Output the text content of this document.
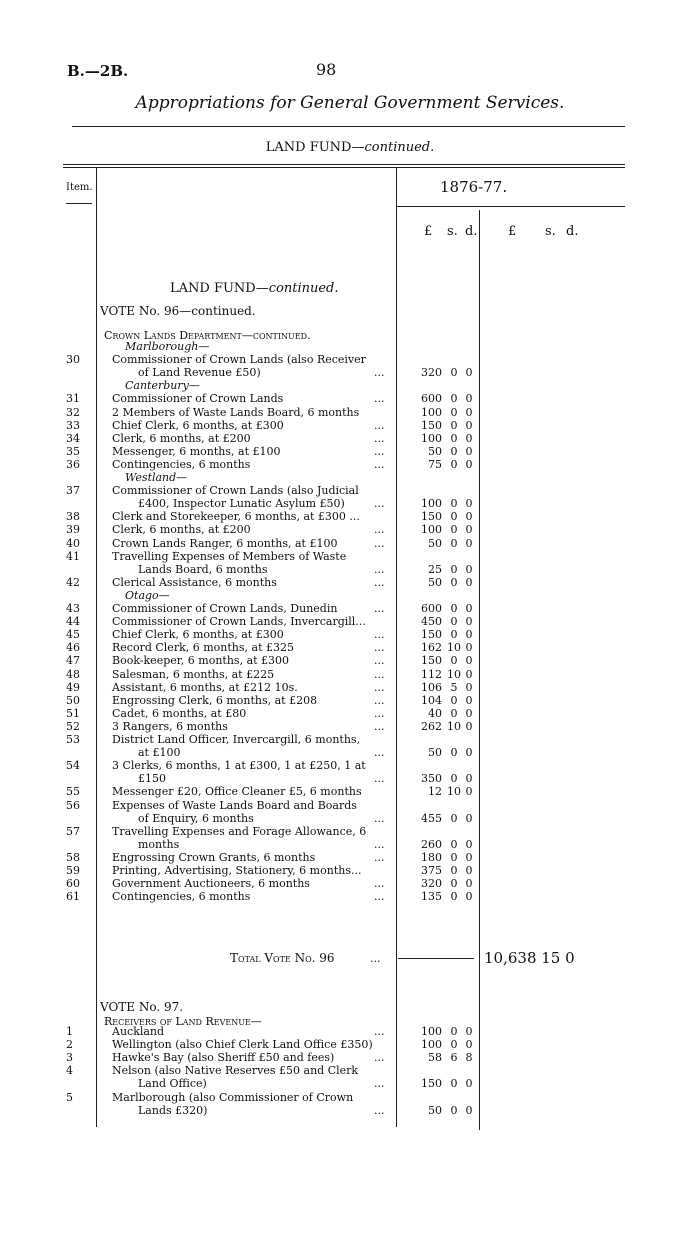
B.—2B.	98
Appropriations for General Government Services.
LAND FUND—continued.
Item.	1876-77.
£ s. d. £ s. d.
LAND FUND—continued.
VOTE No. 96—continued.
Crown Lands Department—continued.
Marlborough—
30	Commissioner of Crown Lands (also Receiver
of Land Revenue £50)	...	320 0 0
Canterbury—
31	Commissioner of Crown Lands	...	600 0 0
32	2 Members of Waste Lands Board, 6 months	100 0 0
33	Chief Clerk, 6 months, at £300	...	150 0 0
34	Clerk, 6 months, at £200	...	100 0 0
35	Messenger, 6 months, at £100	...	50 0 0
36	Contingencies, 6 months	...	75 0 0
Westland—
37	Commissioner of Crown Lands (also Judicial
£400, Inspector Lunatic Asylum £50)	...	100 0 0
38	Clerk and Storekeeper, 6 months, at £300 ...	150 0 0
39	Clerk, 6 months, at £200	...	100 0 0
40	Crown Lands Ranger, 6 months, at £100	...	50 0 0
41	Travelling Expenses of Members of Waste
Lands Board, 6 months	...	25 0 0
42	Clerical Assistance, 6 months	...	50 0 0
Otago—
43	Commissioner of Crown Lands, Dunedin	...	600 0 0
44	Commissioner of Crown Lands, Invercargill...	450 0 0
45	Chief Clerk, 6 months, at £300	...	150 0 0
46	Record Clerk, 6 months, at £325	...	162 10 0
47	Book-keeper, 6 months, at £300	...	150 0 0
48	Salesman, 6 months, at £225	...	112 10 0
49	Assistant, 6 months, at £212 10s.	...	106 5 0
50	Engrossing Clerk, 6 months, at £208	...	104 0 0
51	Cadet, 6 months, at £80	...	40 0 0
52	3 Rangers, 6 months	...	262 10 0
53	District Land Officer, Invercargill, 6 months,
at £100	...	50 0 0
54	3 Clerks, 6 months, 1 at £300, 1 at £250, 1 at
£150	...	350 0 0
55	Messenger £20, Office Cleaner £5, 6 months	12 10 0
56	Expenses of Waste Lands Board and Boards
of Enquiry, 6 months	...	455 0 0
57	Travelling Expenses and Forage Allowance, 6
months	...	260 0 0
58	Engrossing Crown Grants, 6 months	...	180 0 0
59	Printing, Advertising, Stationery, 6 months...	375 0 0
60	Government Auctioneers, 6 months	...	320 0 0
61	Contingencies, 6 months	...	135 0 0
Total Vote No. 96	...	10,638 15 0
VOTE No. 97.
Receivers of Land Revenue—
1	Auckland	...	100 0 0
2	Wellington (also Chief Clerk Land Office £350)	100 0 0
3	Hawke's Bay (also Sheriff £50 and fees)	...	58 6 8
4	Nelson (also Native Reserves £50 and Clerk
Land Office)	...	150 0 0
5	Marlborough (also Commissioner of Crown
Lands £320)	...	50 0 0
